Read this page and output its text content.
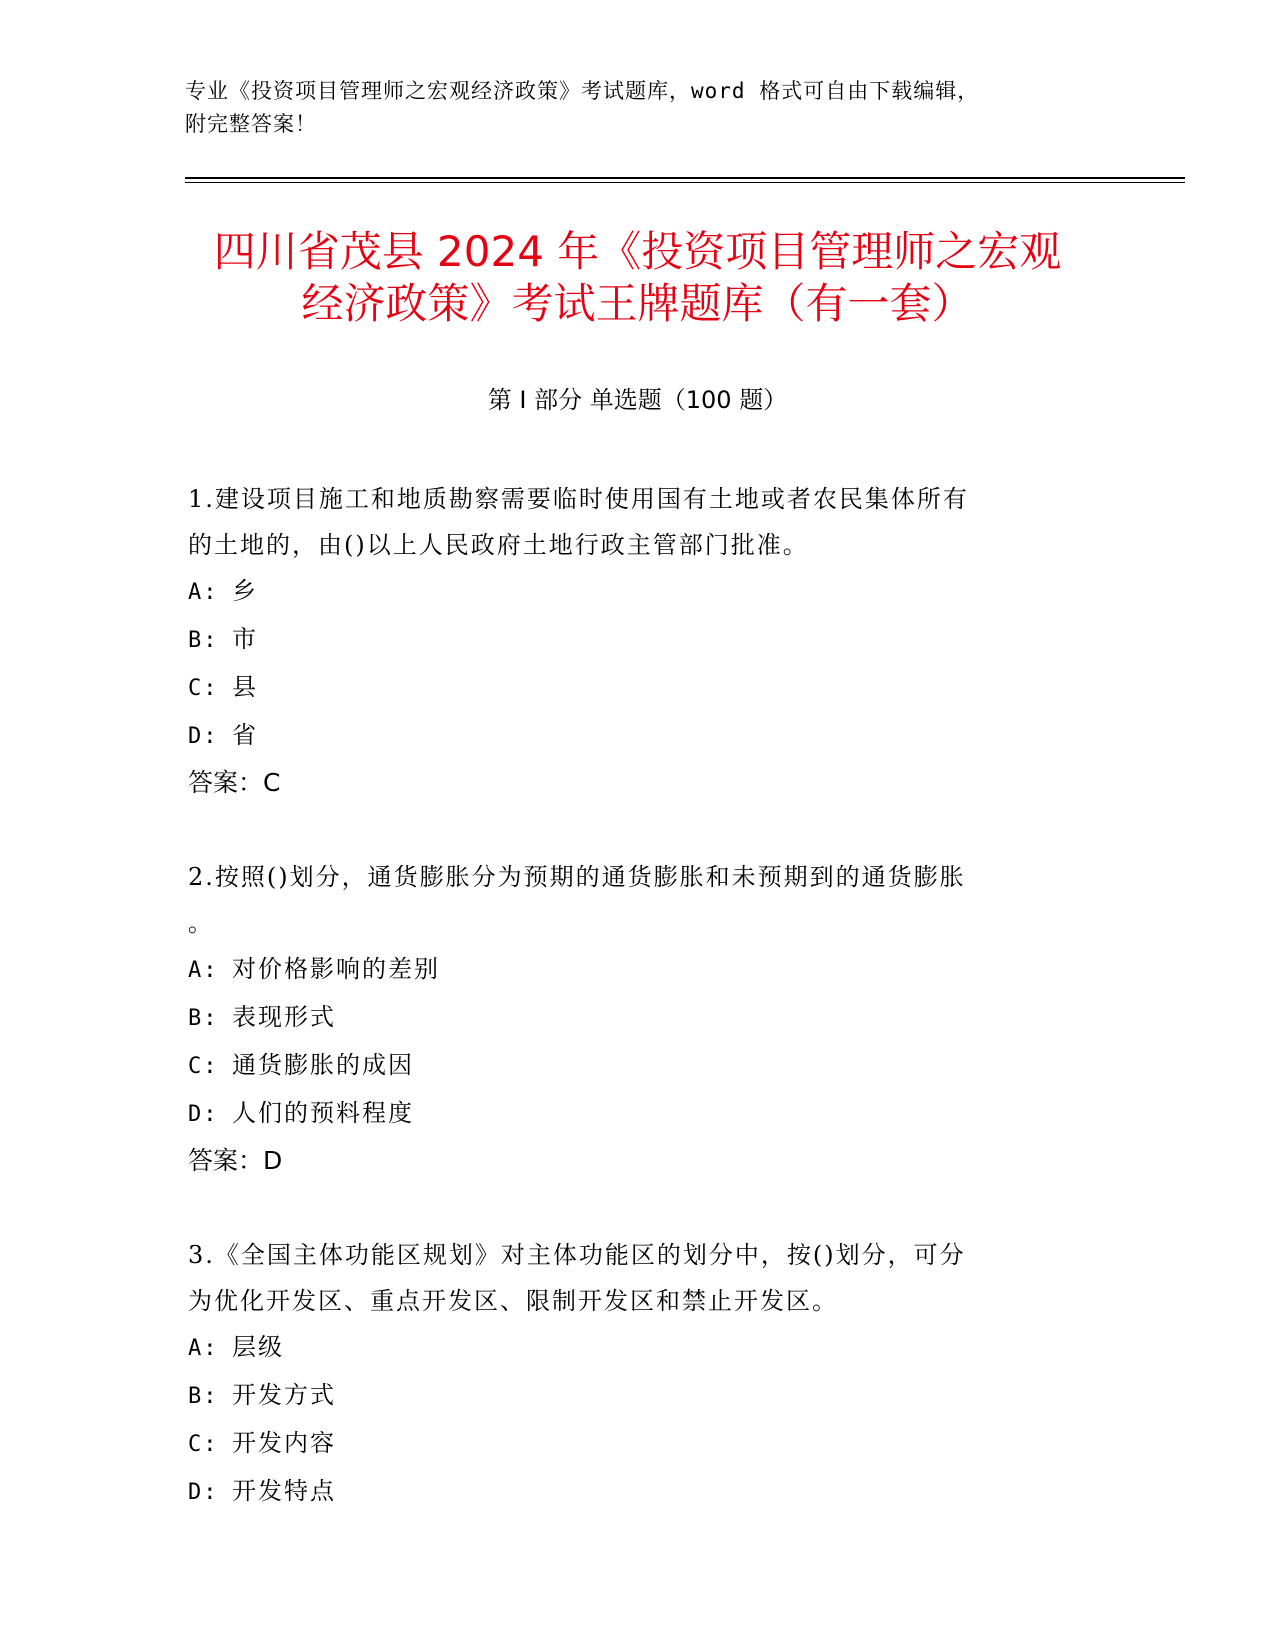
专业《投资项目管理师之宏观经济政策》考试题库，word 格式可自由下载编辑，
附完整答案！
四川省茂县 2024 年《投资项目管理师之宏观
经济政策》考试王牌题库（有一套）
第 I 部分 单选题（100 题）

1.建设项目施工和地质勘察需要临时使用国有土地或者农民集体所有

的土地的，由()以上人民政府土地行政主管部门批准。

A: 乡

B: 市

C: 县

D: 省

答案：C

2.按照()划分，通货膨胀分为预期的通货膨胀和未预期到的通货膨胀

。

A: 对价格影响的差别

B: 表现形式

C: 通货膨胀的成因

D: 人们的预料程度

答案：D

3.《全国主体功能区规划》对主体功能区的划分中，按()划分，可分

为优化开发区、重点开发区、限制开发区和禁止开发区。

A: 层级

B: 开发方式

C: 开发内容

D: 开发特点
